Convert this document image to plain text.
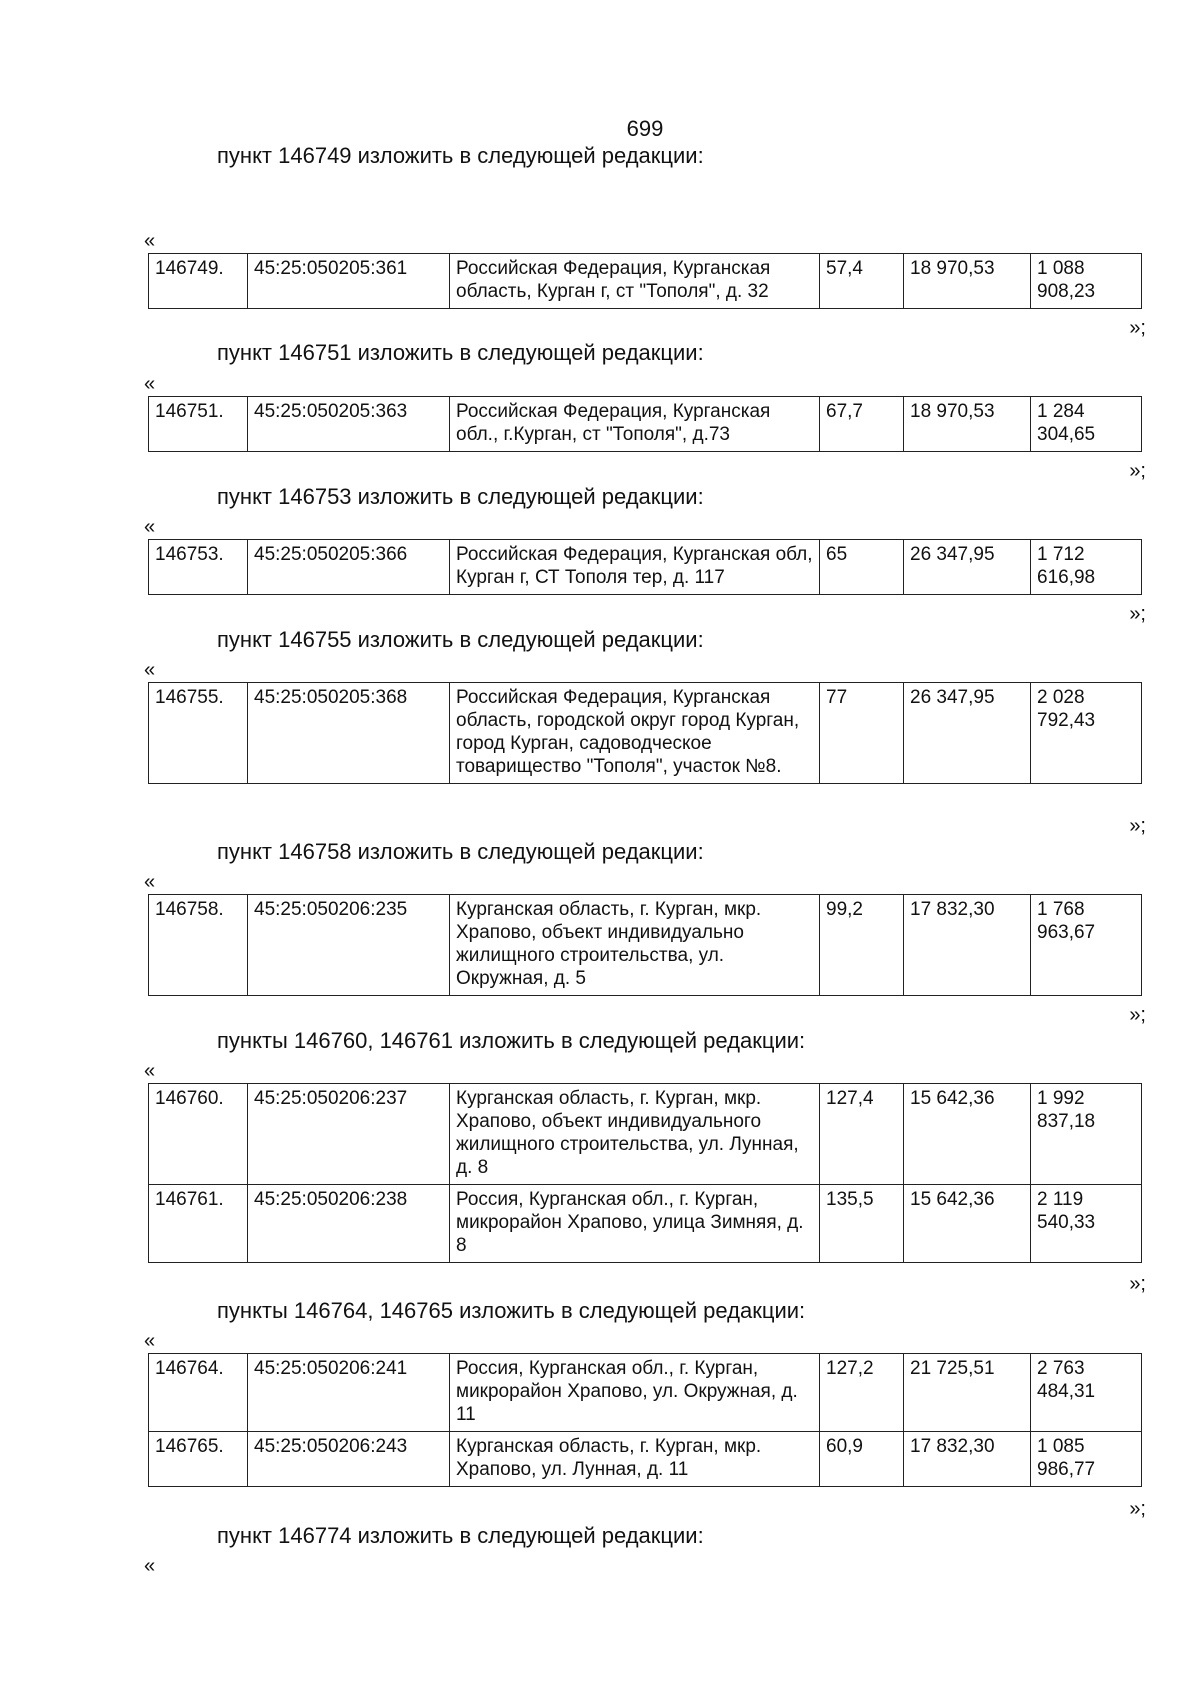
699
пункт 146749 изложить в следующей редакции:
«
146749.	45:25:050205:361	Российская Федерация, Курганская область, Курган г, ст "Тополя", д. 32	57,4	18 970,53	1 088 908,23
»;
пункт 146751 изложить в следующей редакции:
«
146751.	45:25:050205:363	Российская Федерация, Курганская обл., г.Курган, ст "Тополя", д.73	67,7	18 970,53	1 284 304,65
»;
пункт 146753 изложить в следующей редакции:
«
146753.	45:25:050205:366	Российская Федерация, Курганская обл, Курган г, СТ Тополя тер, д. 117	65	26 347,95	1 712 616,98
»;
пункт 146755 изложить в следующей редакции:
«
146755.	45:25:050205:368	Российская Федерация, Курганская область, городской округ город Курган, город Курган, садоводческое товарищество "Тополя", участок №8.	77	26 347,95	2 028 792,43
»;
пункт 146758 изложить в следующей редакции:
«
146758.	45:25:050206:235	Курганская область, г. Курган, мкр. Храпово, объект индивидуально жилищного строительства, ул. Окружная, д. 5	99,2	17 832,30	1 768 963,67
»;
пункты 146760, 146761 изложить в следующей редакции:
«
146760.	45:25:050206:237	Курганская область, г. Курган, мкр. Храпово, объект индивидуального жилищного строительства, ул. Лунная, д. 8	127,4	15 642,36	1 992 837,18
146761.	45:25:050206:238	Россия, Курганская обл., г. Курган, микрорайон Храпово, улица Зимняя, д. 8	135,5	15 642,36	2 119 540,33
»;
пункты 146764, 146765 изложить в следующей редакции:
«
146764.	45:25:050206:241	Россия, Курганская обл., г. Курган, микрорайон Храпово, ул. Окружная, д. 11	127,2	21 725,51	2 763 484,31
146765.	45:25:050206:243	Курганская область, г. Курган, мкр. Храпово, ул. Лунная, д. 11	60,9	17 832,30	1 085 986,77
»;
пункт 146774 изложить в следующей редакции:
«
